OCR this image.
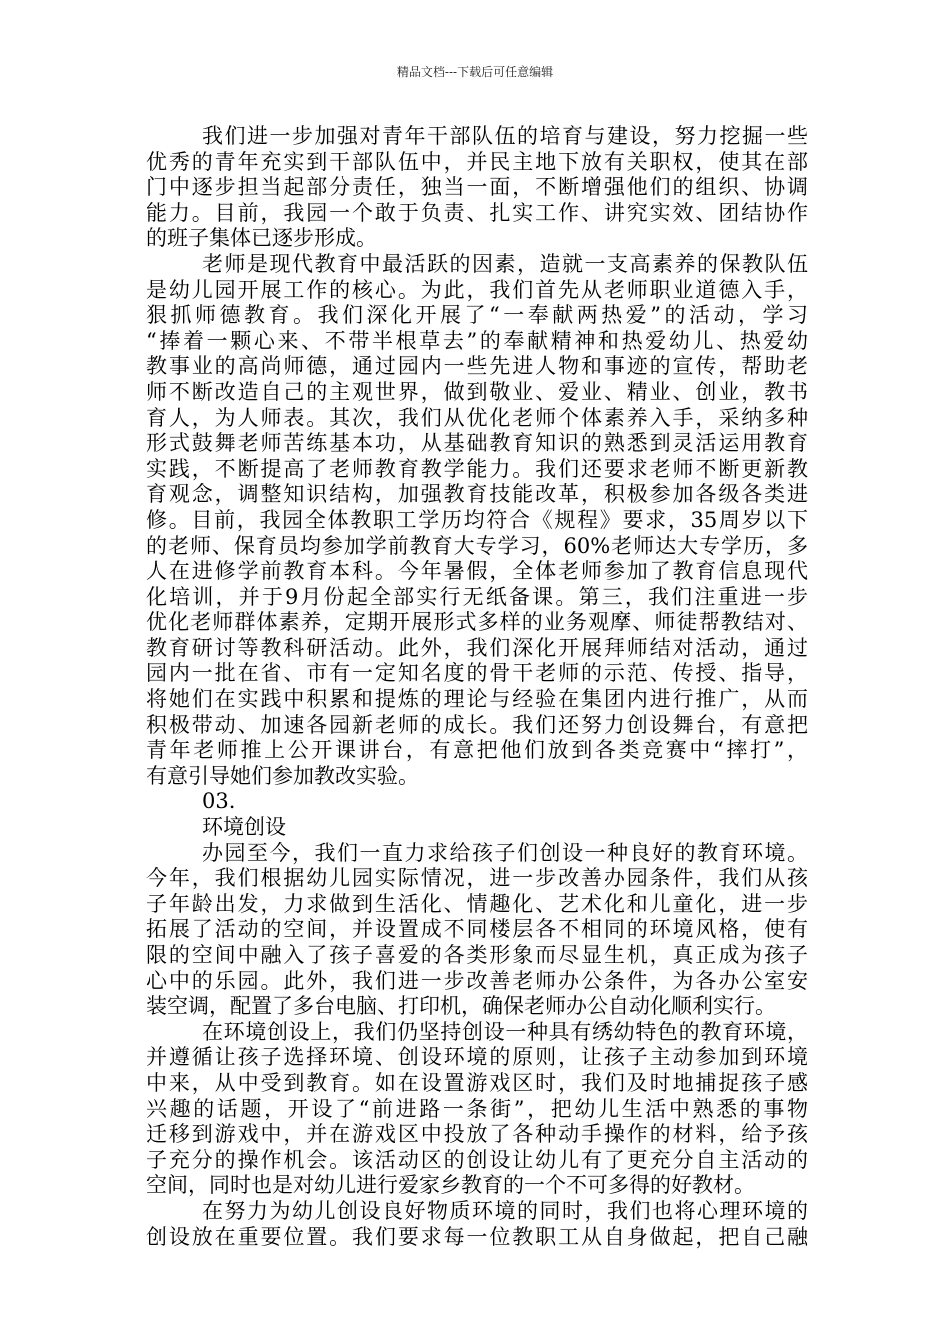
精品文档---下载后可任意编辑
我们进一步加强对青年干部队伍的培育与建设，努力挖掘一些
优秀的青年充实到干部队伍中，并民主地下放有关职权，使其在部
门中逐步担当起部分责任，独当一面，不断增强他们的组织、协调
能力。目前，我园一个敢于负责、扎实工作、讲究实效、团结协作
的班子集体已逐步形成。
老师是现代教育中最活跃的因素，造就一支高素养的保教队伍
是幼儿园开展工作的核心。为此，我们首先从老师职业道德入手，
狠抓师德教育。我们深化开展了“一奉献两热爱”的活动，学习
“捧着一颗心来、不带半根草去”的奉献精神和热爱幼儿、热爱幼
教事业的高尚师德，通过园内一些先进人物和事迹的宣传，帮助老
师不断改造自己的主观世界，做到敬业、爱业、精业、创业，教书
育人，为人师表。其次，我们从优化老师个体素养入手，采纳多种
形式鼓舞老师苦练基本功，从基础教育知识的熟悉到灵活运用教育
实践，不断提高了老师教育教学能力。我们还要求老师不断更新教
育观念，调整知识结构，加强教育技能改革，积极参加各级各类进
修。目前，我园全体教职工学历均符合《规程》要求，35周岁以下
的老师、保育员均参加学前教育大专学习，60%老师达大专学历，多
人在进修学前教育本科。今年暑假，全体老师参加了教育信息现代
化培训，并于9月份起全部实行无纸备课。第三，我们注重进一步
优化老师群体素养，定期开展形式多样的业务观摩、师徒帮教结对、
教育研讨等教科研活动。此外，我们深化开展拜师结对活动，通过
园内一批在省、市有一定知名度的骨干老师的示范、传授、指导，
将她们在实践中积累和提炼的理论与经验在集团内进行推广，从而
积极带动、加速各园新老师的成长。我们还努力创设舞台，有意把
青年老师推上公开课讲台，有意把他们放到各类竞赛中“摔打”，
有意引导她们参加教改实验。
03.
环境创设
办园至今，我们一直力求给孩子们创设一种良好的教育环境。
今年，我们根据幼儿园实际情况，进一步改善办园条件，我们从孩
子年龄出发，力求做到生活化、情趣化、艺术化和儿童化，进一步
拓展了活动的空间，并设置成不同楼层各不相同的环境风格，使有
限的空间中融入了孩子喜爱的各类形象而尽显生机，真正成为孩子
心中的乐园。此外，我们进一步改善老师办公条件，为各办公室安
装空调，配置了多台电脑、打印机，确保老师办公自动化顺利实行。
在环境创设上，我们仍坚持创设一种具有绣幼特色的教育环境，
并遵循让孩子选择环境、创设环境的原则，让孩子主动参加到环境
中来，从中受到教育。如在设置游戏区时，我们及时地捕捉孩子感
兴趣的话题，开设了“前进路一条街”，把幼儿生活中熟悉的事物
迁移到游戏中，并在游戏区中投放了各种动手操作的材料，给予孩
子充分的操作机会。该活动区的创设让幼儿有了更充分自主活动的
空间，同时也是对幼儿进行爱家乡教育的一个不可多得的好教材。
在努力为幼儿创设良好物质环境的同时，我们也将心理环境的
创设放在重要位置。我们要求每一位教职工从自身做起，把自己融
